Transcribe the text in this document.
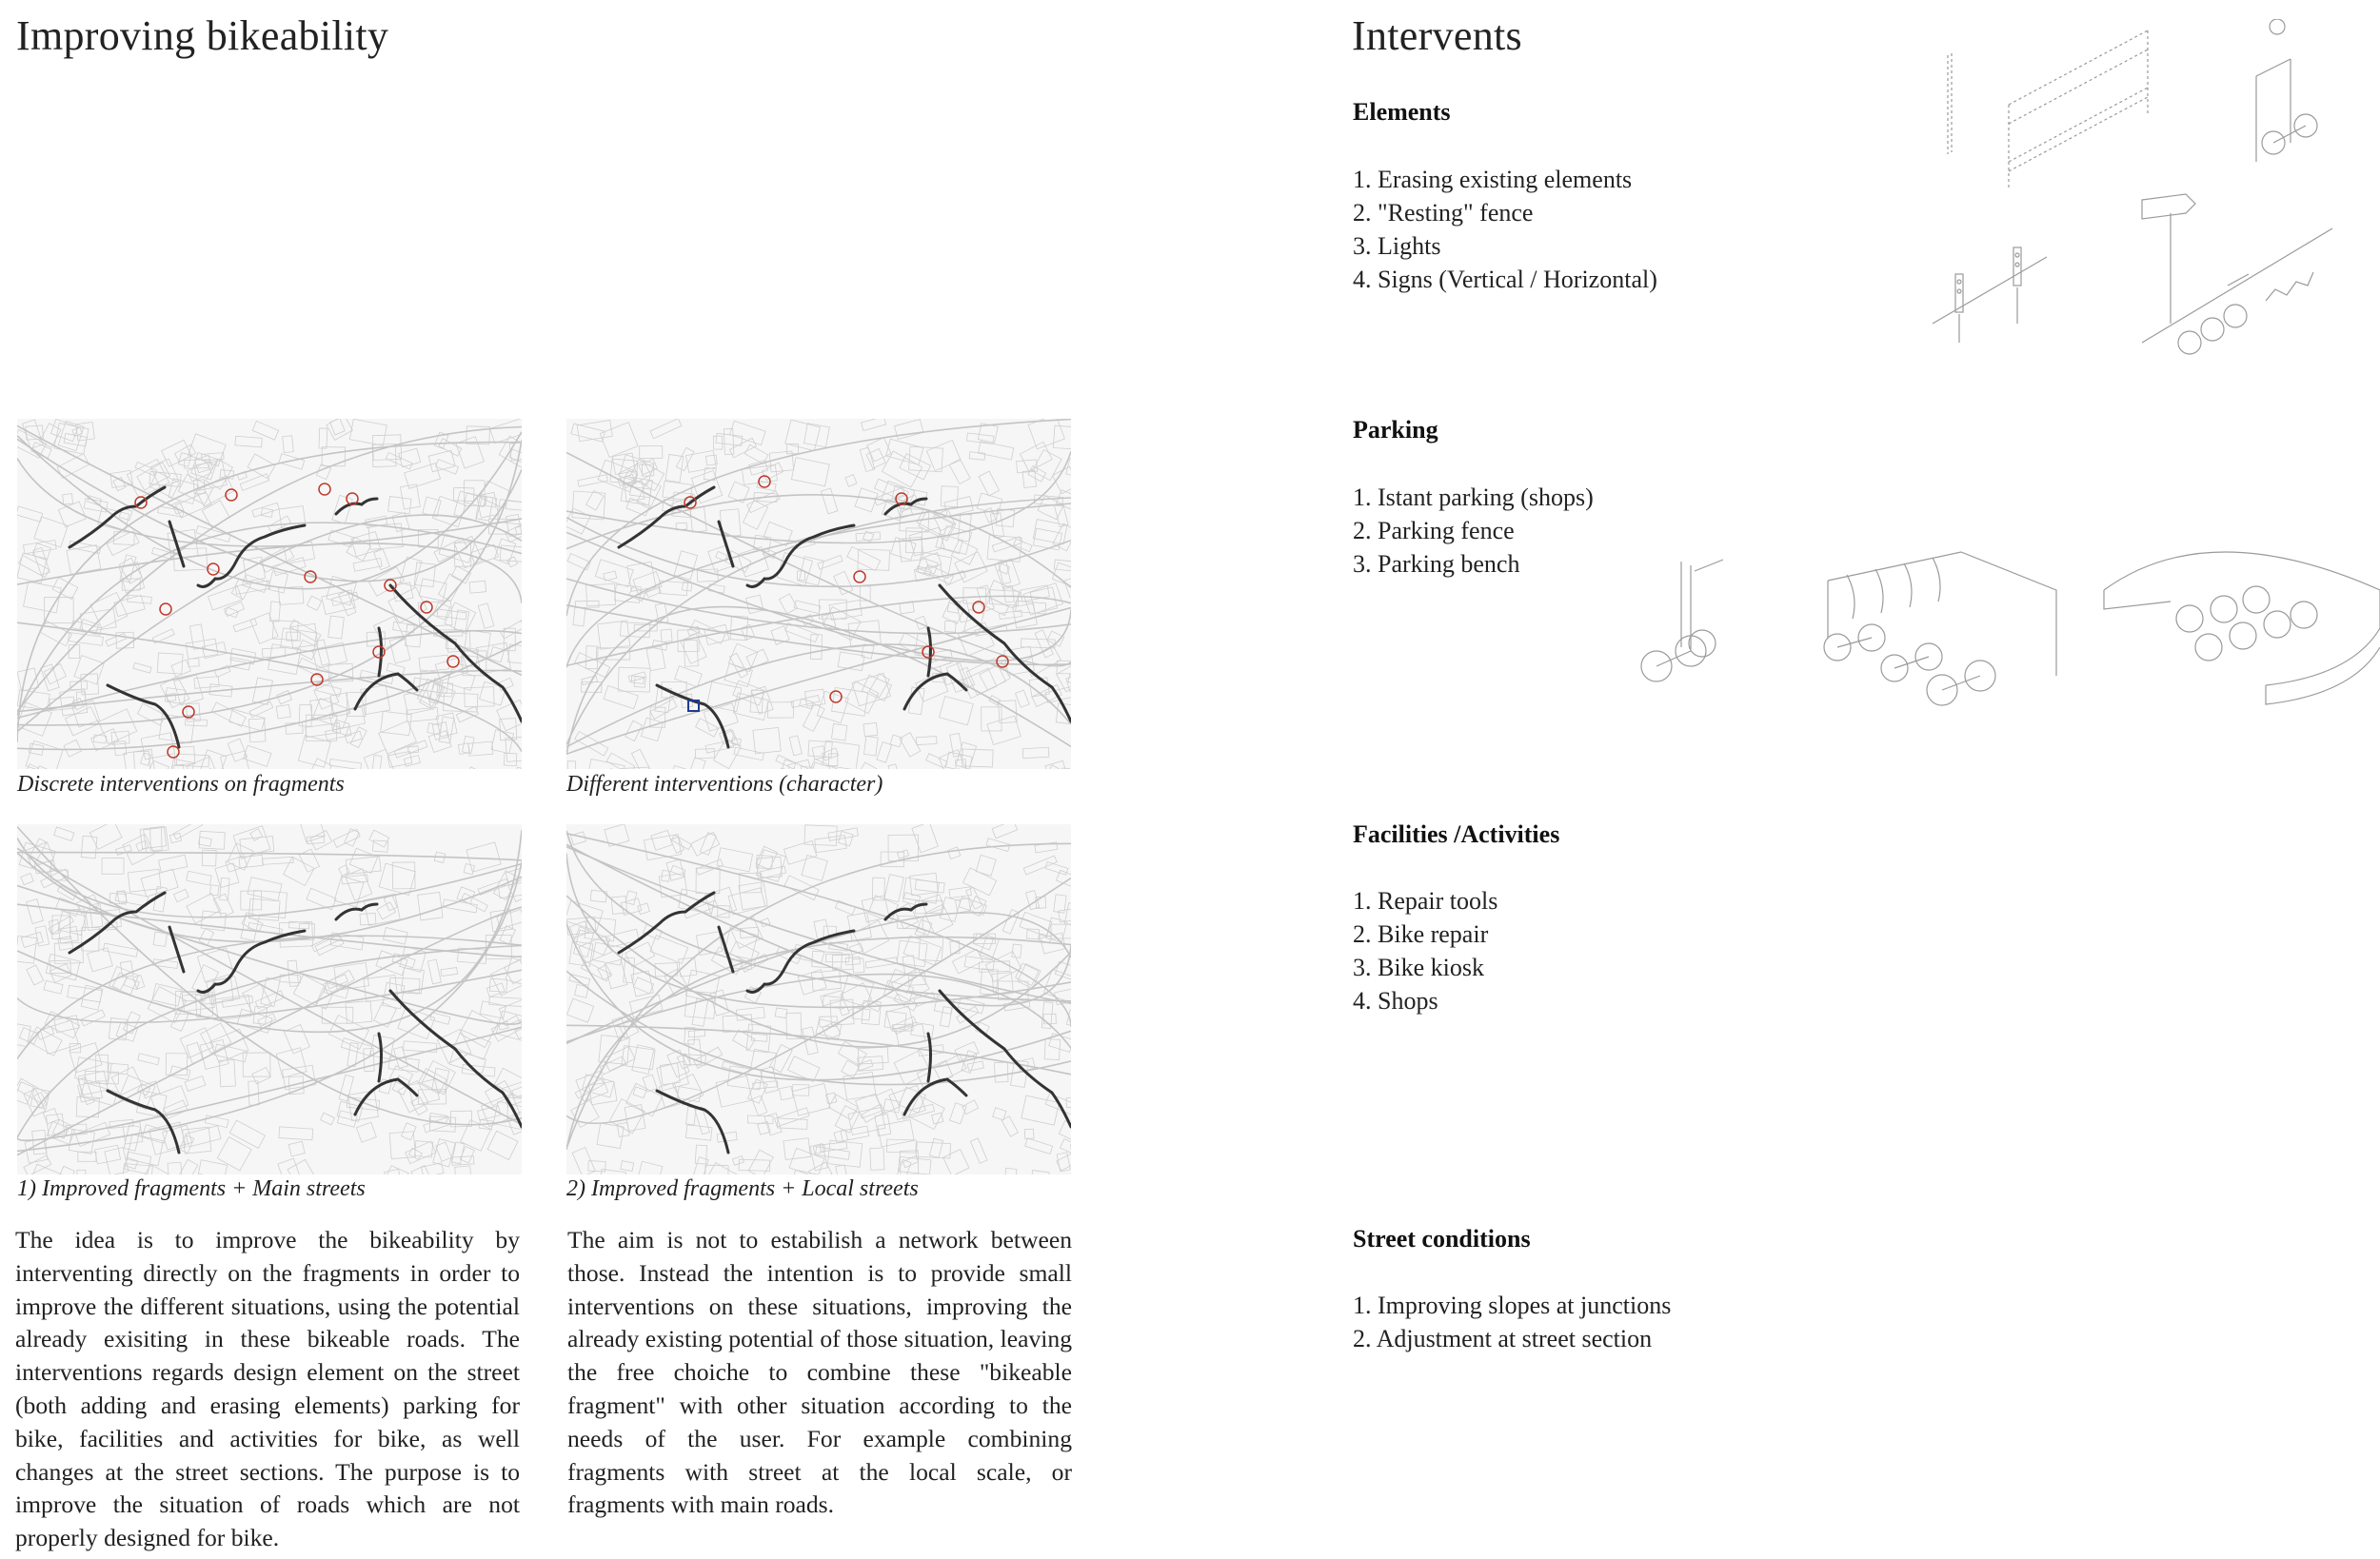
Improving bikeability
Discrete interventions on fragments	Different interventions (character)
1) Improved fragments + Main streets	2) Improved fragments + Local streets

The idea is to improve the bikeability by interventing directly on the fragments in order to improve the different situations, using the potential already exisiting in these bikeable roads. The interventions regards design element on the street (both adding and erasing elements) parking for bike, facilities and activities for bike, as well changes at the street sections. The purpose is to improve the situation of roads which are not properly designed for bike.

The aim is not to estabilish a network between those. Instead the intention is to provide small interventions on these situations, improving the already existing potential of those situation, leaving the free choiche to combine these "bikeable fragment" with other situation according to the needs of the user. For example combining fragments with street at the local scale, or fragments with main roads.

Intervents
Elements
1. Erasing existing elements
2. "Resting" fence
3. Lights
4. Signs (Vertical / Horizontal)
Parking
1. Istant parking (shops)
2. Parking fence
3. Parking bench
Facilities /Activities
1. Repair tools
2. Bike repair
3. Bike kiosk
4. Shops
Street conditions
1. Improving slopes at junctions
2. Adjustment at street section
